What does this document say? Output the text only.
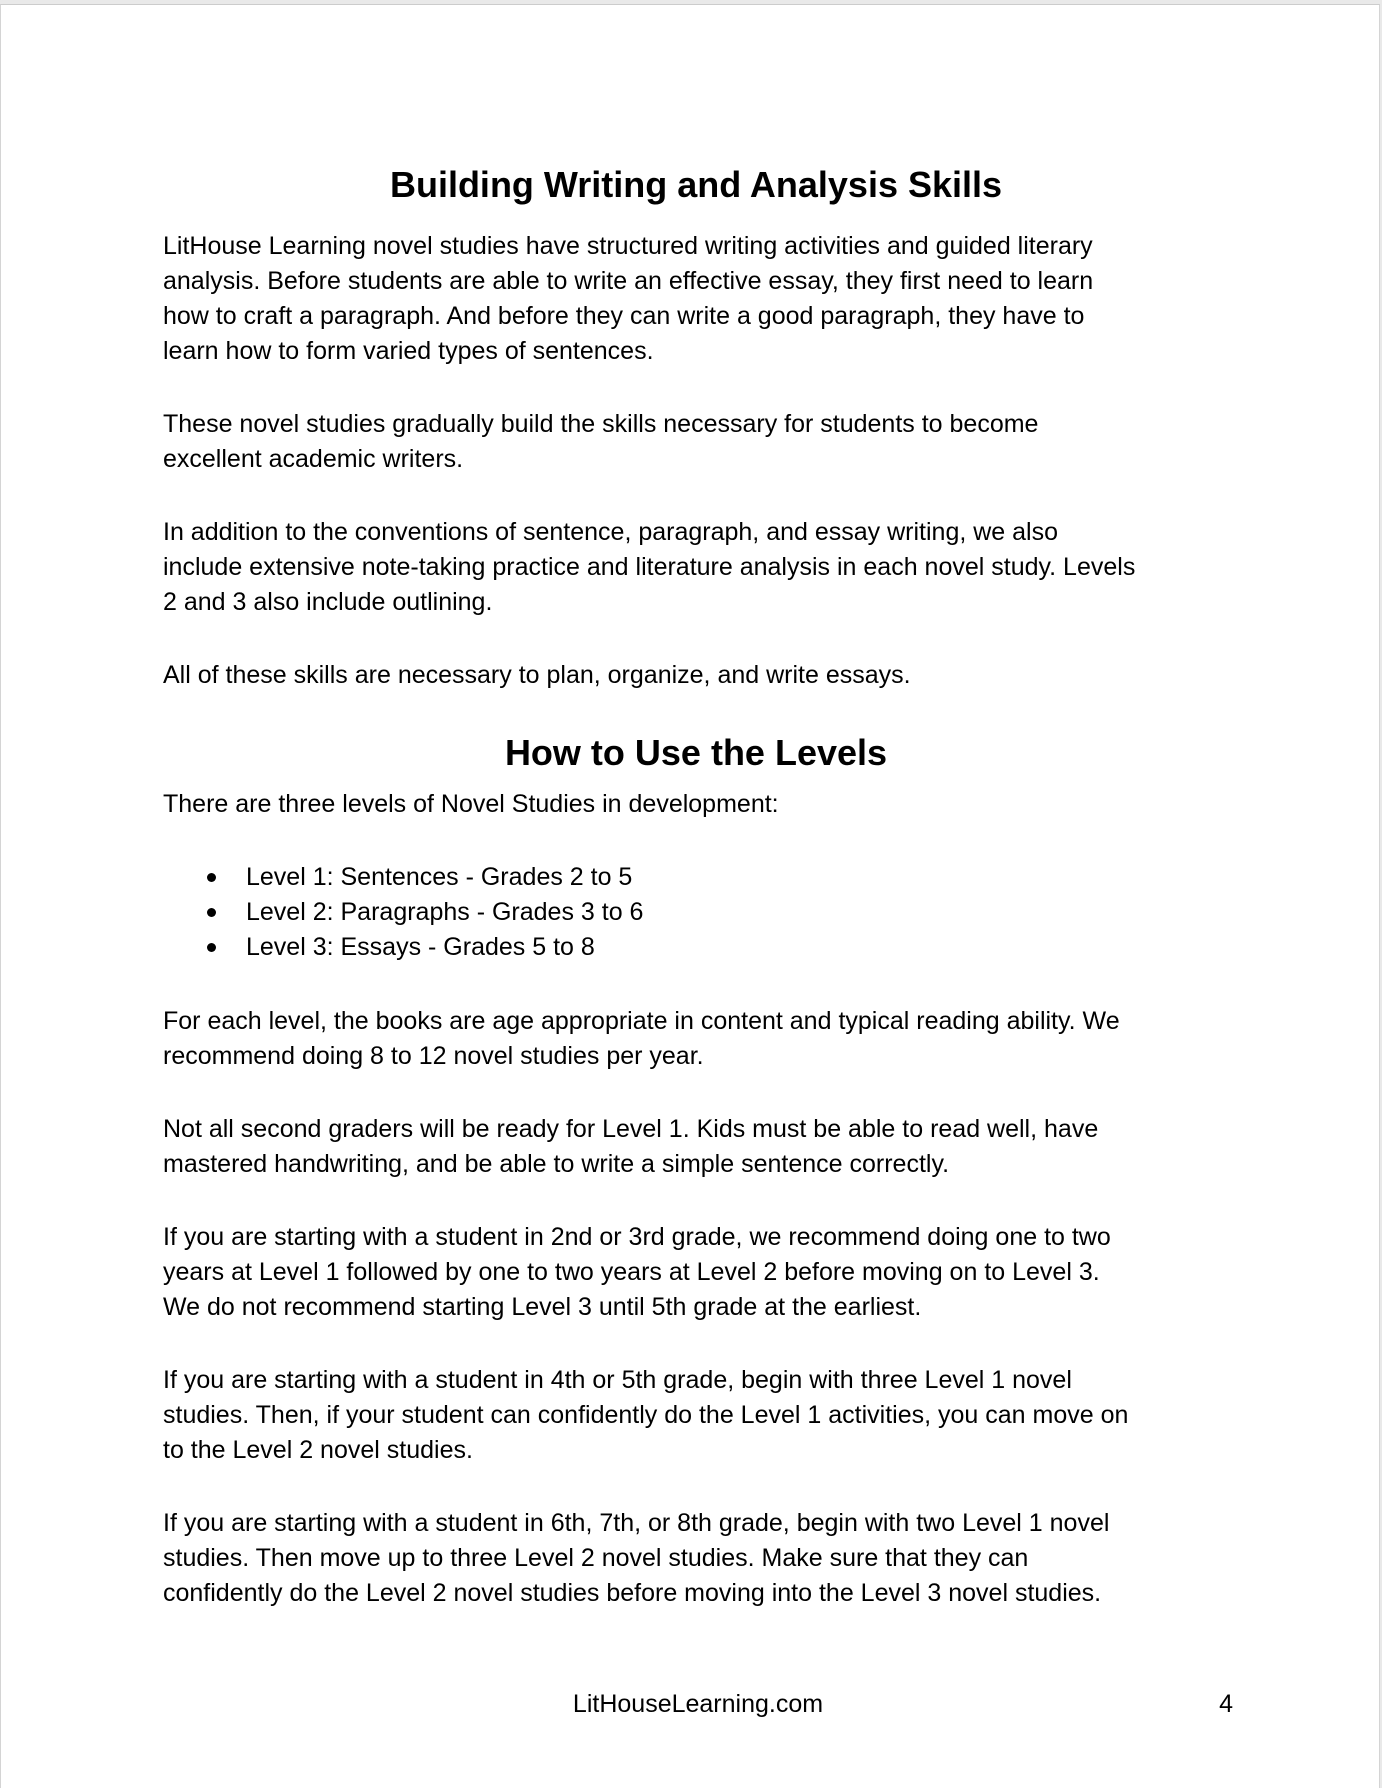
Building Writing and Analysis Skills
LitHouse Learning novel studies have structured writing activities and guided literary
analysis. Before students are able to write an effective essay, they first need to learn
how to craft a paragraph. And before they can write a good paragraph, they have to
learn how to form varied types of sentences.
These novel studies gradually build the skills necessary for students to become
excellent academic writers.
In addition to the conventions of sentence, paragraph, and essay writing, we also
include extensive note-taking practice and literature analysis in each novel study. Levels
2 and 3 also include outlining.
All of these skills are necessary to plan, organize, and write essays.
How to Use the Levels
There are three levels of Novel Studies in development:
Level 1: Sentences - Grades 2 to 5
Level 2: Paragraphs - Grades 3 to 6
Level 3: Essays - Grades 5 to 8
For each level, the books are age appropriate in content and typical reading ability. We
recommend doing 8 to 12 novel studies per year.
Not all second graders will be ready for Level 1. Kids must be able to read well, have
mastered handwriting, and be able to write a simple sentence correctly.
If you are starting with a student in 2nd or 3rd grade, we recommend doing one to two
years at Level 1 followed by one to two years at Level 2 before moving on to Level 3.
We do not recommend starting Level 3 until 5th grade at the earliest.
If you are starting with a student in 4th or 5th grade, begin with three Level 1 novel
studies. Then, if your student can confidently do the Level 1 activities, you can move on
to the Level 2 novel studies.
If you are starting with a student in 6th, 7th, or 8th grade, begin with two Level 1 novel
studies. Then move up to three Level 2 novel studies. Make sure that they can
confidently do the Level 2 novel studies before moving into the Level 3 novel studies.
LitHouseLearning.com	4
